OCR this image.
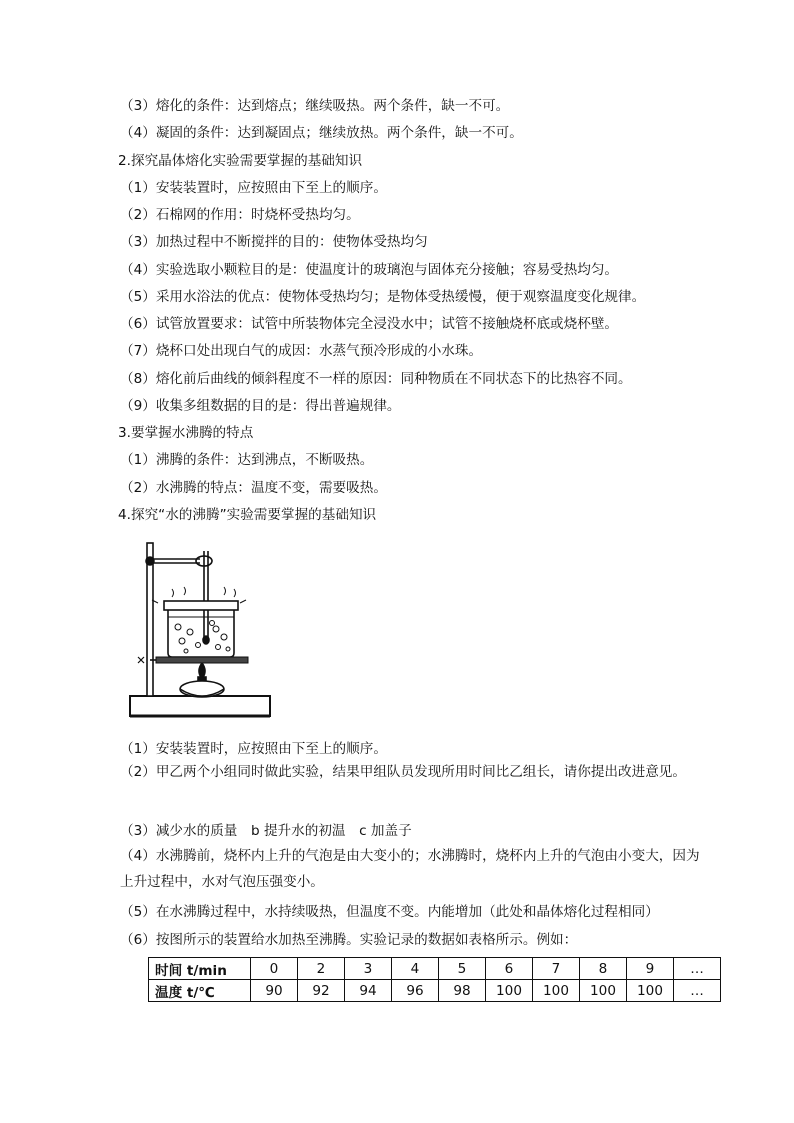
（3）熔化的条件：达到熔点；继续吸热。两个条件，缺一不可。
（4）凝固的条件：达到凝固点；继续放热。两个条件，缺一不可。
2.探究晶体熔化实验需要掌握的基础知识
（1）安装装置时，应按照由下至上的顺序。
（2）石棉网的作用：时烧杯受热均匀。
（3）加热过程中不断搅拌的目的：使物体受热均匀
（4）实验选取小颗粒目的是：使温度计的玻璃泡与固体充分接触；容易受热均匀。
（5）采用水浴法的优点：使物体受热均匀；是物体受热缓慢，便于观察温度变化规律。
（6）试管放置要求：试管中所装物体完全浸没水中；试管不接触烧杯底或烧杯壁。
（7）烧杯口处出现白气的成因：水蒸气预冷形成的小水珠。
（8）熔化前后曲线的倾斜程度不一样的原因：同种物质在不同状态下的比热容不同。
（9）收集多组数据的目的是：得出普遍规律。
3.要掌握水沸腾的特点
（1）沸腾的条件：达到沸点，不断吸热。
（2）水沸腾的特点：温度不变，需要吸热。
4.探究“水的沸腾”实验需要掌握的基础知识
（1）安装装置时，应按照由下至上的顺序。
（2）甲乙两个小组同时做此实验，结果甲组队员发现所用时间比乙组长，请你提出改进意见。
（3）减少水的质量　b 提升水的初温　c 加盖子
（4）水沸腾前，烧杯内上升的气泡是由大变小的；水沸腾时，烧杯内上升的气泡由小变大，因为上升过程中，水对气泡压强变小。
（5）在水沸腾过程中，水持续吸热，但温度不变。内能增加（此处和晶体熔化过程相同）
（6）按图所示的装置给水加热至沸腾。实验记录的数据如表格所示。例如：
时间 t/min	0	2	3	4	5	6	7	8	9	…
温度 t/℃	90	92	94	96	98	100	100	100	100	…
